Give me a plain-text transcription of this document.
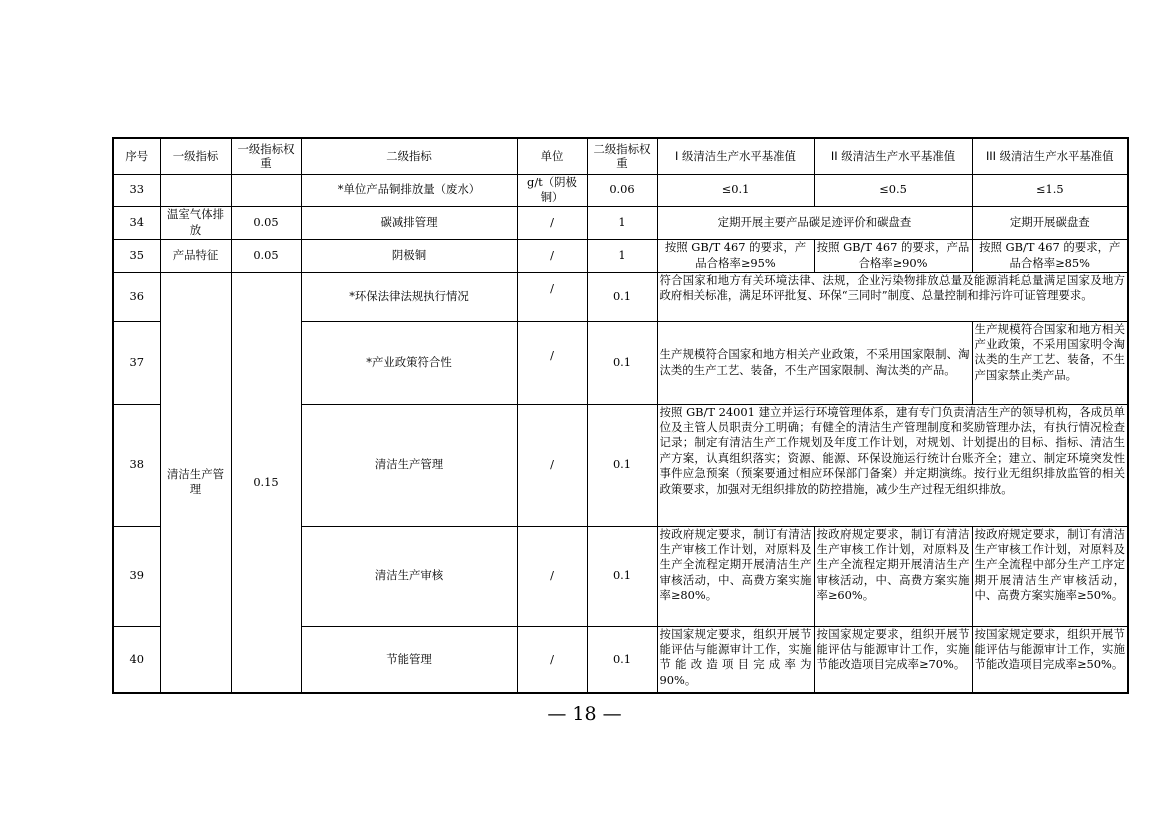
序号	一级指标	一级指标权重	二级指标	单位	二级指标权重	I 级清洁生产水平基准值	II 级清洁生产水平基准值	III 级清洁生产水平基准值
33			*单位产品铜排放量（废水）	g/t（阴极铜）	0.06	≤0.1	≤0.5	≤1.5
34	温室气体排放	0.05	碳减排管理	/	1	定期开展主要产品碳足迹评价和碳盘查		定期开展碳盘查
35	产品特征	0.05	阴极铜	/	1	按照 GB/T 467 的要求，产品合格率≥95%	按照 GB/T 467 的要求，产品合格率≥90%	按照 GB/T 467 的要求，产品合格率≥85%
36	清洁生产管理	0.15	*环保法律法规执行情况	/	0.1	符合国家和地方有关环境法律、法规，企业污染物排放总量及能源消耗总量满足国家及地方政府相关标准，满足环评批复、环保“三同时”制度、总量控制和排污许可证管理要求。		
37			*产业政策符合性	/	0.1	生产规模符合国家和地方相关产业政策，不采用国家限制、淘汰类的生产工艺、装备，不生产国家限制、淘汰类的产品。		生产规模符合国家和地方相关产业政策，不采用国家明令淘汰类的生产工艺、装备，不生产国家禁止类产品。
38			清洁生产管理	/	0.1	按照 GB/T 24001 建立并运行环境管理体系，建有专门负责清洁生产的领导机构，各成员单位及主管人员职责分工明确；有健全的清洁生产管理制度和奖励管理办法，有执行情况检查记录；制定有清洁生产工作规划及年度工作计划，对规划、计划提出的目标、指标、清洁生产方案，认真组织落实；资源、能源、环保设施运行统计台账齐全；建立、制定环境突发性事件应急预案（预案要通过相应环保部门备案）并定期演练。按行业无组织排放监管的相关政策要求，加强对无组织排放的防控措施，减少生产过程无组织排放。		
39			清洁生产审核	/	0.1	按政府规定要求，制订有清洁生产审核工作计划，对原料及生产全流程定期开展清洁生产审核活动，中、高费方案实施率≥80%。	按政府规定要求，制订有清洁生产审核工作计划，对原料及生产全流程定期开展清洁生产审核活动，中、高费方案实施率≥60%。	按政府规定要求，制订有清洁生产审核工作计划，对原料及生产全流程中部分生产工序定期开展清洁生产审核活动，中、高费方案实施率≥50%。
40			节能管理	/	0.1	按国家规定要求，组织开展节能评估与能源审计工作，实施节能改造项目完成率为 90%。	按国家规定要求，组织开展节能评估与能源审计工作，实施节能改造项目完成率≥70%。	按国家规定要求，组织开展节能评估与能源审计工作，实施节能改造项目完成率≥50%。
— 18 —
